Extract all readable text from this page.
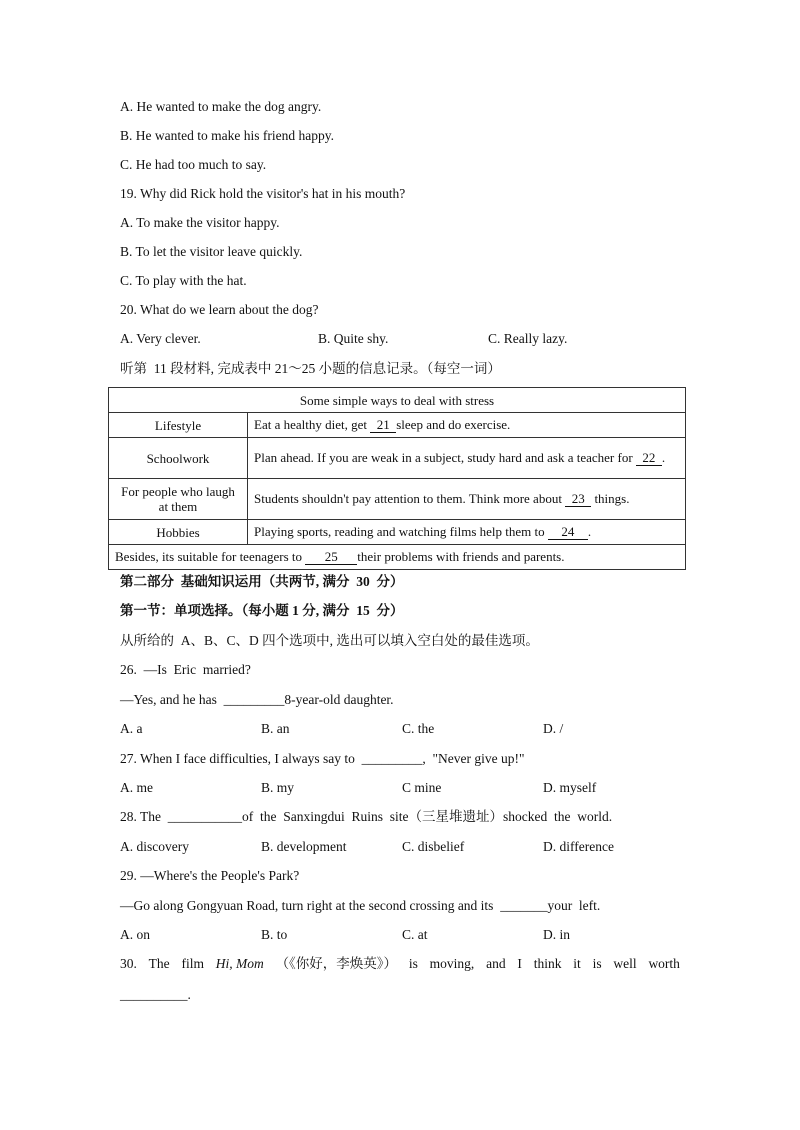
A. He wanted to make the dog angry.
B. He wanted to make his friend happy.
C. He had too much to say.
19. Why did Rick hold the visitor's hat in his mouth?
A. To make the visitor happy.
B. To let the visitor leave quickly.
C. To play with the hat.
20. What do we learn about the dog?
A. Very clever.	B. Quite shy.	C. Really lazy.
听第  11 段材料, 完成表中 21～25 小题的信息记录。（每空一词）
Some simple ways to deal with stress	
Lifestyle	Eat a healthy diet, get 21 sleep and do exercise.
Schoolwork	Plan ahead. If you are weak in a subject, study hard and ask a teacher for 22 .
For people who laugh at them	Students shouldn't pay attention to them. Think more about 23 things.
Hobbies	Playing sports, reading and watching films help them to 24 .
Besides, its suitable for teenagers to 25 their problems with friends and parents.	
第二部分  基础知识运用（共两节, 满分  30  分）
第一节：单项选择。（每小题 1 分, 满分  15  分）
从所给的  A、B、C、D 四个选项中, 选出可以填入空白处的最佳选项。
26.  —Is  Eric  married?
—Yes, and he has  _________8-year-old daughter.
A. a	B. an	C. the	D. /
27. When I face difficulties, I always say to  _________,  "Never give up!"
A. me	B. my	C mine	D. myself
28. The  ___________of  the  Sanxingdui  Ruins  site（三星堆遗址）shocked  the  world.
A. discovery	B. development	C. disbelief	D. difference
29. —Where's the People's Park?
—Go along Gongyuan Road, turn right at the second crossing and its  _______your  left.
A. on	B. to	C. at	D. in
30. The film Hi, Mom （《你好，李焕英》） is moving, and I think it is well worth
__________.
